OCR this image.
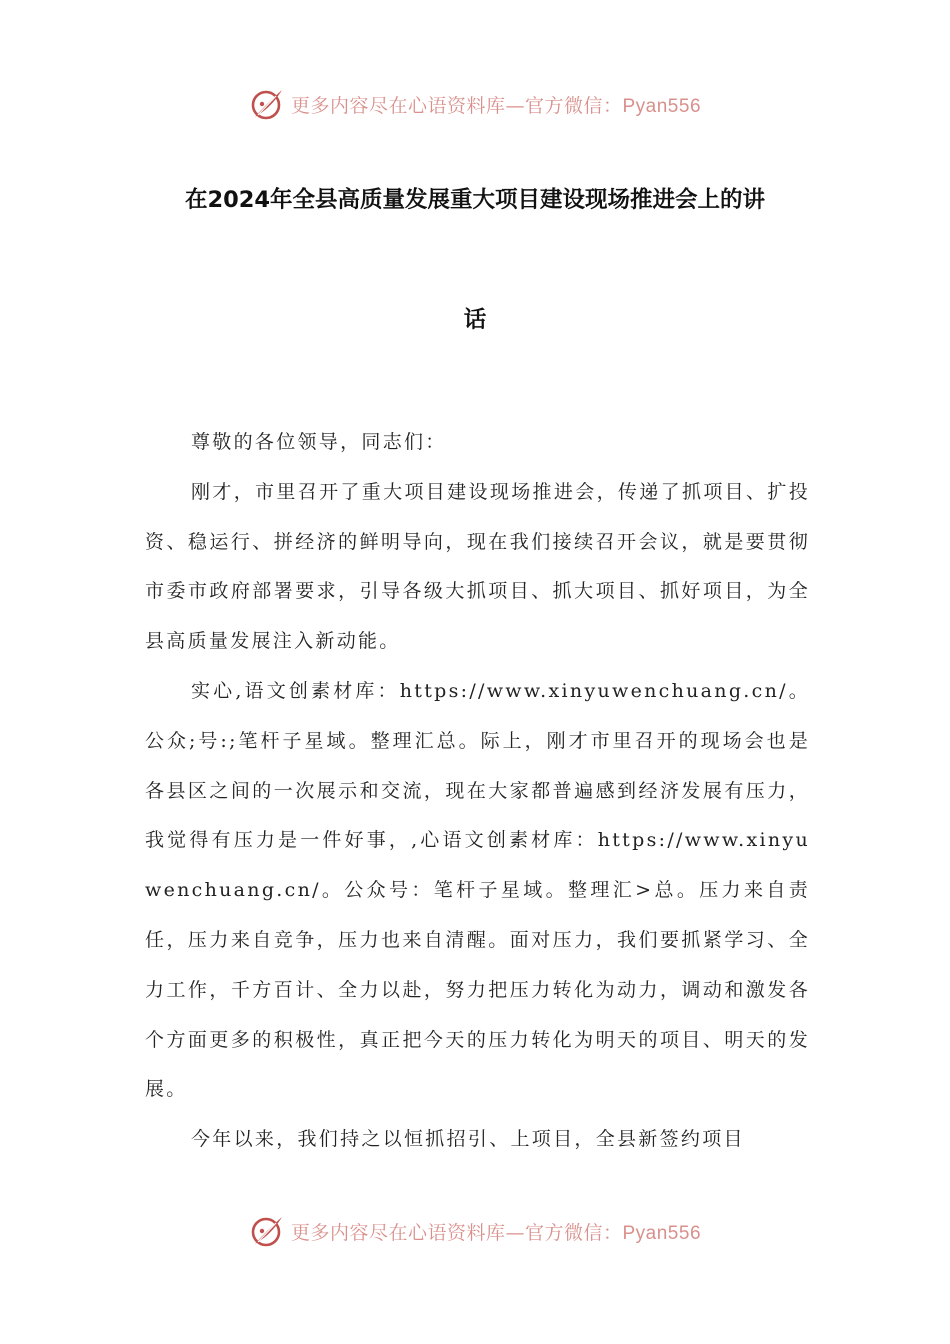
更多内容尽在心语资料库—官方微信：Pyan556
在2024年全县高质量发展重大项目建设现场推进会上的讲
话

尊敬的各位领导，同志们：

刚才，市里召开了重大项目建设现场推进会，传递了抓项目、扩投资、稳运行、拼经济的鲜明导向，现在我们接续召开会议，就是要贯彻市委市政府部署要求，引导各级大抓项目、抓大项目、抓好项目，为全县高质量发展注入新动能。

实心,语文创素材库：https://www.xinyuwenchuang.cn/。公众;号:;笔杆子星域。整理汇总。际上，刚才市里召开的现场会也是各县区之间的一次展示和交流，现在大家都普遍感到经济发展有压力，我觉得有压力是一件好事，,心语文创素材库：https://www.xinyuwenchuang.cn/。公众号：笔杆子星域。整理汇>总。压力来自责任，压力来自竞争，压力也来自清醒。面对压力，我们要抓紧学习、全力工作，千方百计、全力以赴，努力把压力转化为动力，调动和激发各个方面更多的积极性，真正把今天的压力转化为明天的项目、明天的发展。

今年以来，我们持之以恒抓招引、上项目，全县新签约项目

更多内容尽在心语资料库—官方微信：Pyan556
